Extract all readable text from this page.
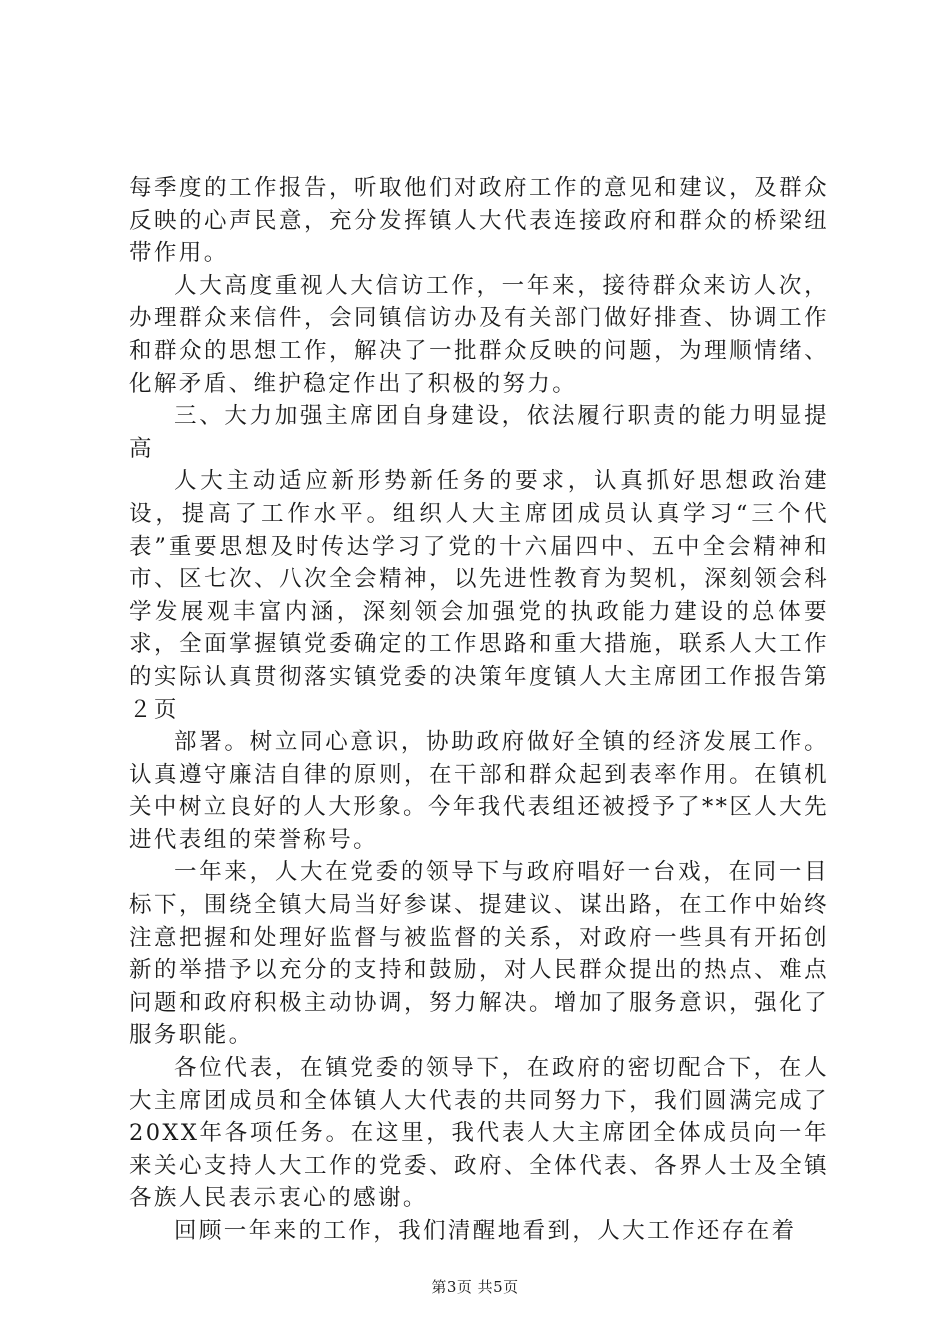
每季度的工作报告，听取他们对政府工作的意见和建议，及群众反映的心声民意，充分发挥镇人大代表连接政府和群众的桥梁纽带作用。

人大高度重视人大信访工作，一年来，接待群众来访人次，办理群众来信件，会同镇信访办及有关部门做好排查、协调工作和群众的思想工作，解决了一批群众反映的问题，为理顺情绪、化解矛盾、维护稳定作出了积极的努力。

三、大力加强主席团自身建设，依法履行职责的能力明显提高

人大主动适应新形势新任务的要求，认真抓好思想政治建设，提高了工作水平。组织人大主席团成员认真学习“三个代表”重要思想及时传达学习了党的十六届四中、五中全会精神和市、区七次、八次全会精神，以先进性教育为契机，深刻领会科学发展观丰富内涵，深刻领会加强党的执政能力建设的总体要求，全面掌握镇党委确定的工作思路和重大措施，联系人大工作的实际认真贯彻落实镇党委的决策年度镇人大主席团工作报告第２页

部署。树立同心意识，协助政府做好全镇的经济发展工作。认真遵守廉洁自律的原则，在干部和群众起到表率作用。在镇机关中树立良好的人大形象。今年我代表组还被授予了**区人大先进代表组的荣誉称号。

一年来，人大在党委的领导下与政府唱好一台戏，在同一目标下，围绕全镇大局当好参谋、提建议、谋出路，在工作中始终注意把握和处理好监督与被监督的关系，对政府一些具有开拓创新的举措予以充分的支持和鼓励，对人民群众提出的热点、难点问题和政府积极主动协调，努力解决。增加了服务意识，强化了服务职能。

各位代表，在镇党委的领导下，在政府的密切配合下，在人大主席团成员和全体镇人大代表的共同努力下，我们圆满完成了20XX年各项任务。在这里，我代表人大主席团全体成员向一年来关心支持人大工作的党委、政府、全体代表、各界人士及全镇各族人民表示衷心的感谢。

回顾一年来的工作，我们清醒地看到，人大工作还存在着

第3页 共5页
